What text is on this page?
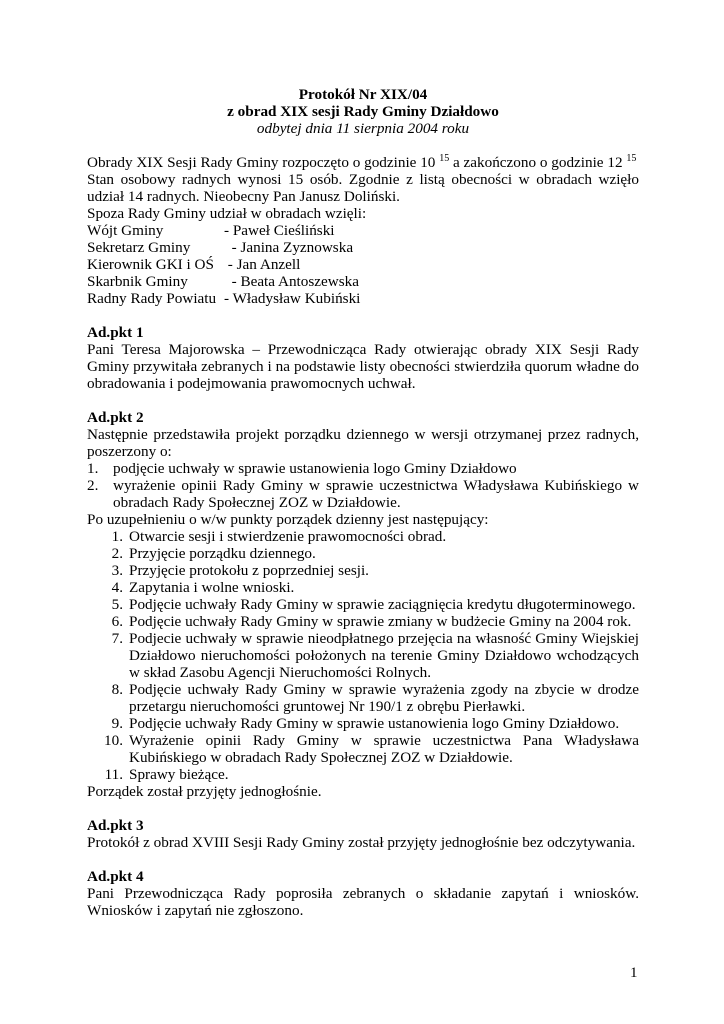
Protokół Nr XIX/04
z obrad XIX sesji Rady Gminy Działdowo
odbytej dnia 11 sierpnia 2004 roku

Obrady XIX Sesji Rady Gminy rozpoczęto o godzinie 10 $^{15}$ a zakończono o godzinie 12 $^{15}$

Stan osobowy radnych wynosi 15 osób. Zgodnie z listą obecności w obradach wzięło udział 14 radnych. Nieobecny Pan Janusz Doliński.

Spoza Rady Gminy udział w obradach wzięli:

Wójt Gminy	- Paweł Cieśliński
Sekretarz Gminy	- Janina Zyznowska
Kierownik GKI i OŚ - Jan Anzell
Skarbnik Gminy	- Beata Antoszewska
Radny Rady Powiatu - Władysław Kubiński
Ad.pkt 1

Pani Teresa Majorowska – Przewodnicząca Rady otwierając obrady XIX Sesji Rady Gminy przywitała zebranych i na podstawie listy obecności stwierdziła quorum władne do obradowania i podejmowania prawomocnych uchwał.

Ad.pkt 2

Następnie przedstawiła projekt porządku dziennego w wersji otrzymanej przez radnych, poszerzony o:

1. podjęcie uchwały w sprawie ustanowienia logo Gminy Działdowo
2. wyrażenie opinii Rady Gminy w sprawie uczestnictwa Władysława Kubińskiego w obradach Rady Społecznej ZOZ w Działdowie.

Po uzupełnieniu o w/w punkty porządek dzienny jest następujący:

1. Otwarcie sesji i stwierdzenie prawomocności obrad.
2. Przyjęcie porządku dziennego.
3. Przyjęcie protokołu z poprzedniej sesji.
4. Zapytania i wolne wnioski.
5. Podjęcie uchwały Rady Gminy w sprawie zaciągnięcia kredytu długoterminowego.
6. Podjęcie uchwały Rady Gminy w sprawie zmiany w budżecie Gminy na 2004 rok.
7. Podjecie uchwały w sprawie nieodpłatnego przejęcia na własność Gminy Wiejskiej Działdowo nieruchomości położonych na terenie Gminy Działdowo wchodzących w skład Zasobu Agencji Nieruchomości Rolnych.
8. Podjęcie uchwały Rady Gminy w sprawie wyrażenia zgody na zbycie w drodze przetargu nieruchomości gruntowej Nr 190/1 z obrębu Pierławki.
9. Podjęcie uchwały Rady Gminy w sprawie ustanowienia logo Gminy Działdowo.
10. Wyrażenie opinii Rady Gminy w sprawie uczestnictwa Pana Władysława Kubińskiego w obradach Rady Społecznej ZOZ w Działdowie.
11. Sprawy bieżące.

Porządek został przyjęty jednogłośnie.

Ad.pkt 3

Protokół z obrad XVIII Sesji Rady Gminy został przyjęty jednogłośnie bez odczytywania.

Ad.pkt 4

Pani Przewodnicząca Rady poprosiła zebranych o składanie zapytań i wniosków. Wniosków i zapytań nie zgłoszono.

1
